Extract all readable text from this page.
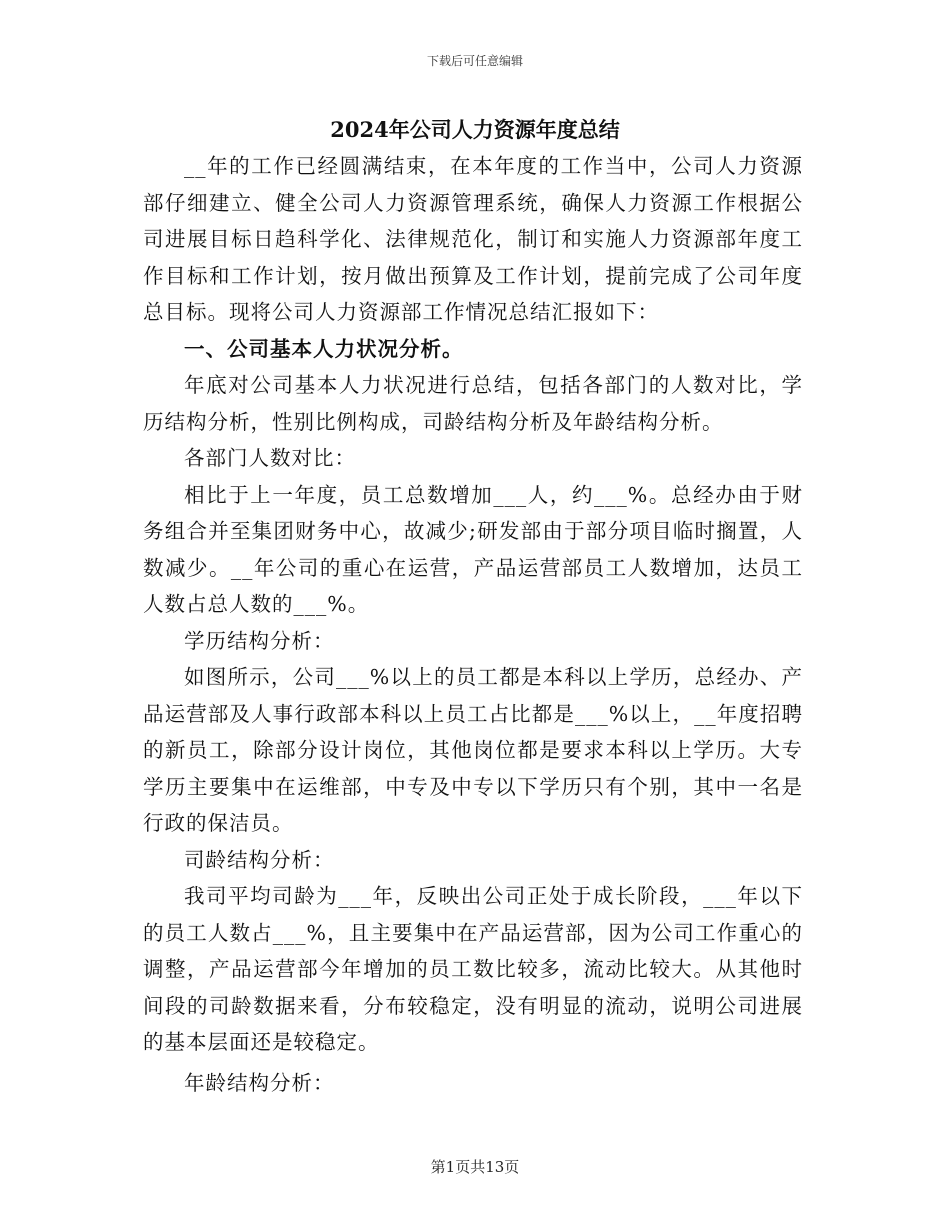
下载后可任意编辑
2024年公司人力资源年度总结

__年的工作已经圆满结束，在本年度的工作当中，公司人力资源部仔细建立、健全公司人力资源管理系统，确保人力资源工作根据公司进展目标日趋科学化、法律规范化，制订和实施人力资源部年度工作目标和工作计划，按月做出预算及工作计划，提前完成了公司年度总目标。现将公司人力资源部工作情况总结汇报如下：

一、公司基本人力状况分析。

年底对公司基本人力状况进行总结，包括各部门的人数对比，学历结构分析，性别比例构成，司龄结构分析及年龄结构分析。

各部门人数对比：

相比于上一年度，员工总数增加___人，约___%。总经办由于财务组合并至集团财务中心，故减少;研发部由于部分项目临时搁置，人数减少。__年公司的重心在运营，产品运营部员工人数增加，达员工人数占总人数的___%。

学历结构分析：

如图所示，公司___%以上的员工都是本科以上学历，总经办、产品运营部及人事行政部本科以上员工占比都是___%以上，__年度招聘的新员工，除部分设计岗位，其他岗位都是要求本科以上学历。大专学历主要集中在运维部，中专及中专以下学历只有个别，其中一名是行政的保洁员。

司龄结构分析：

我司平均司龄为___年，反映出公司正处于成长阶段，___年以下的员工人数占___%，且主要集中在产品运营部，因为公司工作重心的调整，产品运营部今年增加的员工数比较多，流动比较大。从其他时间段的司龄数据来看，分布较稳定，没有明显的流动，说明公司进展的基本层面还是较稳定。

年龄结构分析：

第1页共13页
